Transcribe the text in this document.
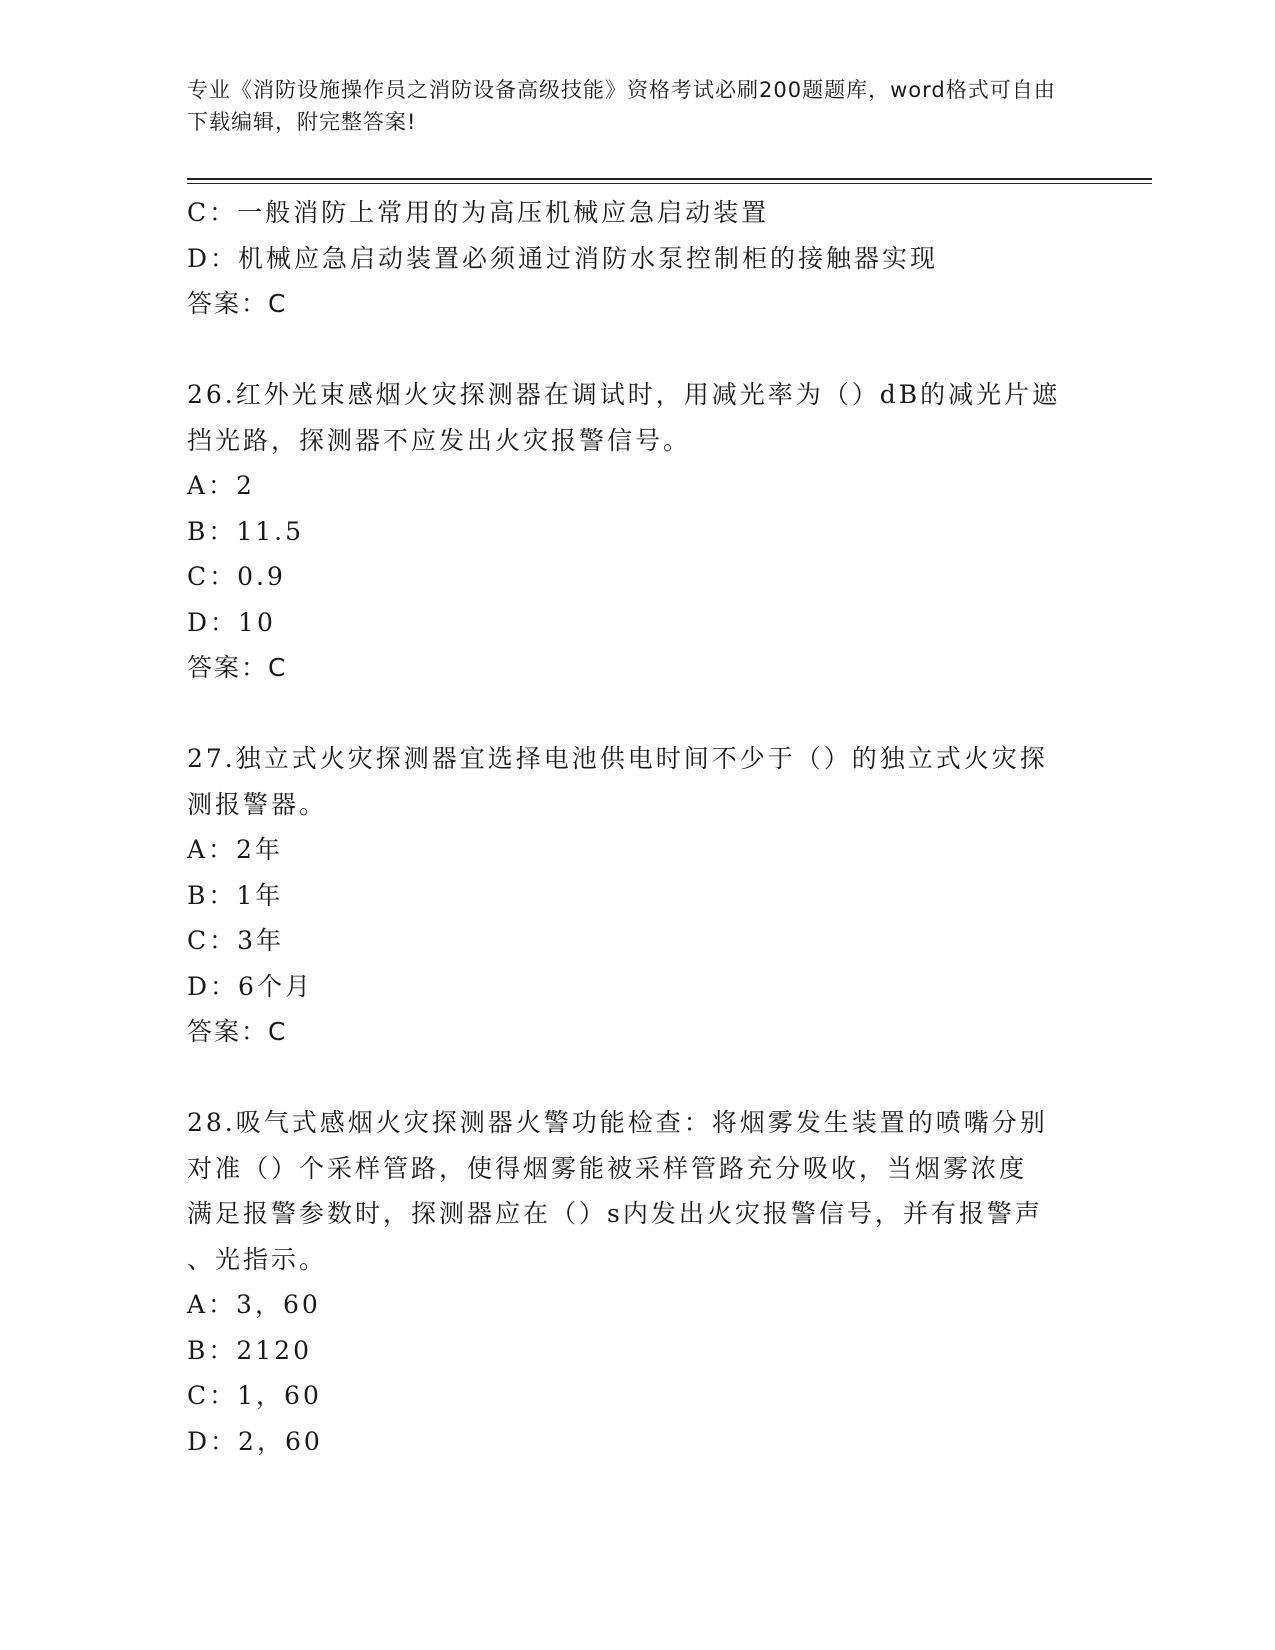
专业《消防设施操作员之消防设备高级技能》资格考试必刷200题题库，word格式可自由下载编辑，附完整答案!
C：一般消防上常用的为高压机械应急启动装置
D：机械应急启动装置必须通过消防水泵控制柜的接触器实现
答案：C
26.红外光束感烟火灾探测器在调试时，用减光率为（）dB的减光片遮
挡光路，探测器不应发出火灾报警信号。
A：2
B：11.5
C：0.9
D：10
答案：C
27.独立式火灾探测器宜选择电池供电时间不少于（）的独立式火灾探
测报警器。
A：2年
B：1年
C：3年
D：6个月
答案：C
28.吸气式感烟火灾探测器火警功能检查：将烟雾发生装置的喷嘴分别
对准（）个采样管路，使得烟雾能被采样管路充分吸收，当烟雾浓度
满足报警参数时，探测器应在（）s内发出火灾报警信号，并有报警声
、光指示。
A：3，60
B：2120
C：1，60
D：2，60
